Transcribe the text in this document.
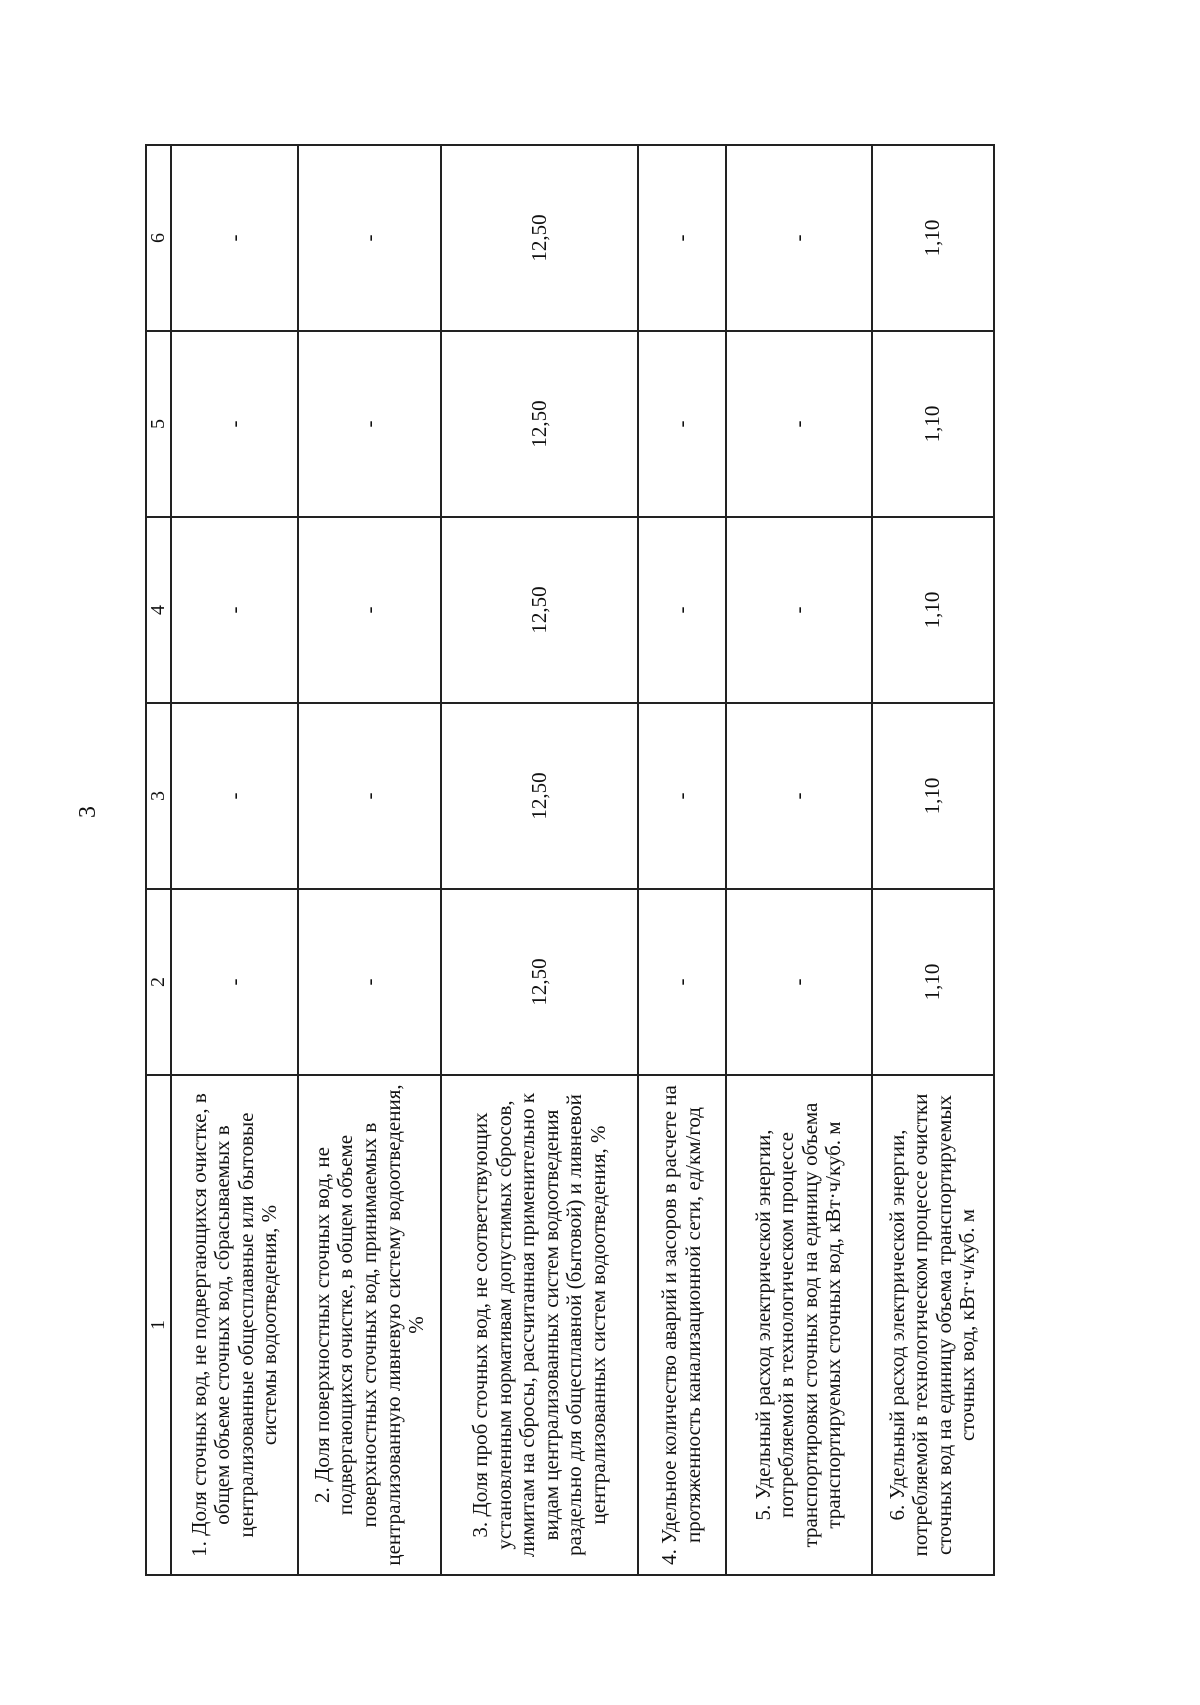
3
1	2	3	4	5	6
1. Доля сточных вод, не подвергающихся очистке, в общем объеме сточных вод, сбрасываемых в централизованные общесплавные или бытовые системы водоотведения, %	-	-	-	-	-
2. Доля поверхностных сточных вод, не подвергающихся очистке, в общем объеме поверхностных сточных вод, принимаемых в централизованную ливневую систему водоотведения, %	-	-	-	-	-
3. Доля проб сточных вод, не соответствующих установленным нормативам допустимых сбросов, лимитам на сбросы, рассчитанная применительно к видам централизованных систем водоотведения раздельно для общесплавной (бытовой) и ливневой централизованных систем водоотведения, %	12,50	12,50	12,50	12,50	12,50
4. Удельное количество аварий и засоров в расчете на протяженность канализационной сети, ед/км/год	-	-	-	-	-
5. Удельный расход электрической энергии, потребляемой в технологическом процессе транспортировки сточных вод на единицу объема транспортируемых сточных вод, кВт·ч/куб. м	-	-	-	-	-
6. Удельный расход электрической энергии, потребляемой в технологическом процессе очистки сточных вод на единицу объема транспортируемых сточных вод, кВт·ч/куб. м	1,10	1,10	1,10	1,10	1,10
